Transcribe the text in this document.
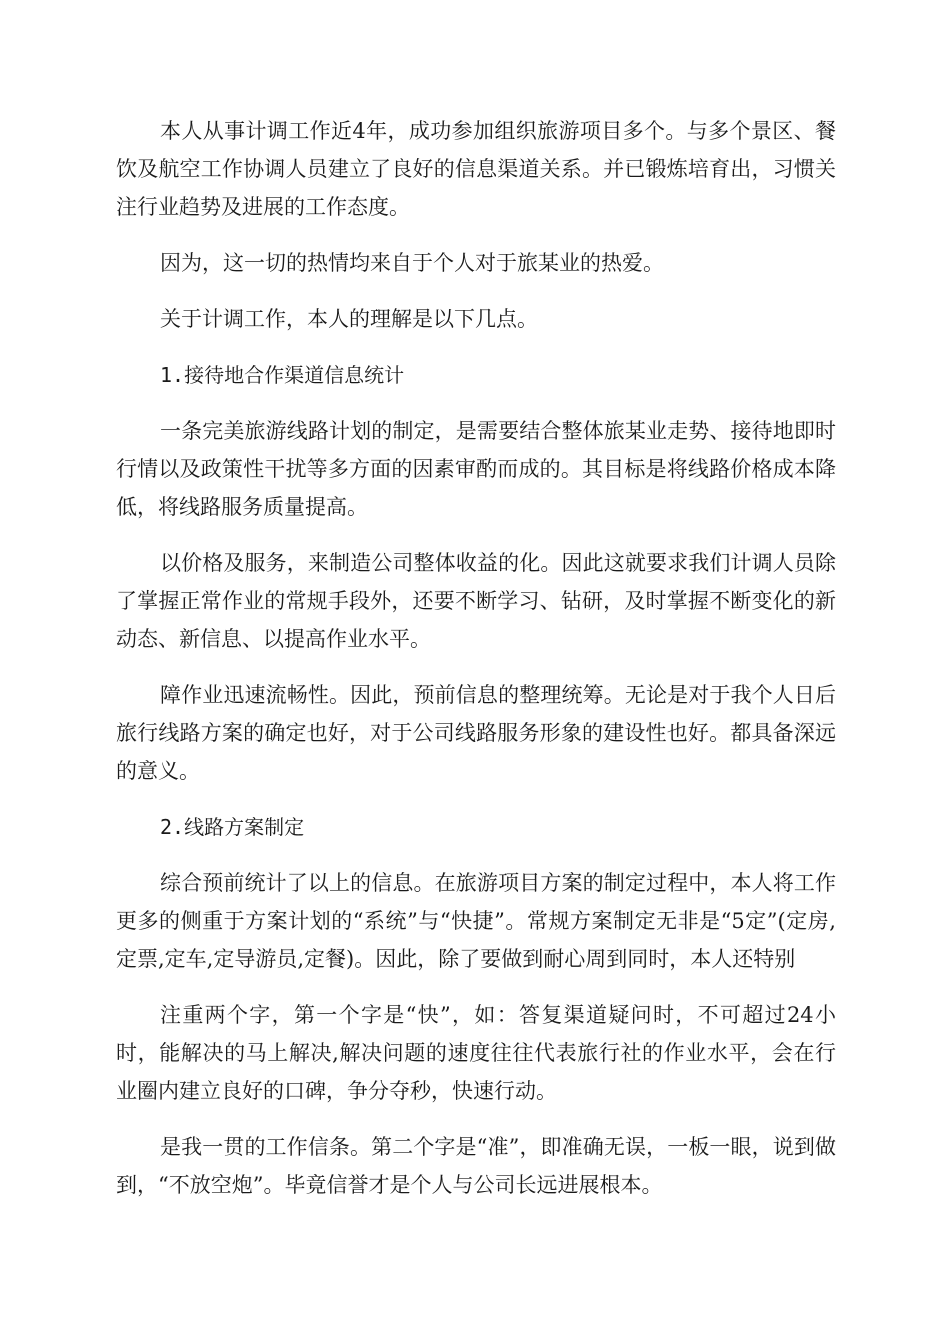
本人从事计调工作近4年，成功参加组织旅游项目多个。与多个景区、餐饮及航空工作协调人员建立了良好的信息渠道关系。并已锻炼培育出，习惯关注行业趋势及进展的工作态度。

因为，这一切的热情均来自于个人对于旅某业的热爱。

关于计调工作，本人的理解是以下几点。

1.接待地合作渠道信息统计

一条完美旅游线路计划的制定，是需要结合整体旅某业走势、接待地即时行情以及政策性干扰等多方面的因素审酌而成的。其目标是将线路价格成本降低，将线路服务质量提高。

以价格及服务，来制造公司整体收益的化。因此这就要求我们计调人员除了掌握正常作业的常规手段外，还要不断学习、钻研，及时掌握不断变化的新动态、新信息、以提高作业水平。

障作业迅速流畅性。因此，预前信息的整理统筹。无论是对于我个人日后旅行线路方案的确定也好，对于公司线路服务形象的建设性也好。都具备深远的意义。

2.线路方案制定

综合预前统计了以上的信息。在旅游项目方案的制定过程中，本人将工作更多的侧重于方案计划的“系统”与“快捷”。常规方案制定无非是“5定”(定房,定票,定车,定导游员,定餐)。因此，除了要做到耐心周到同时，本人还特别

注重两个字，第一个字是“快”，如：答复渠道疑问时，不可超过24小时，能解决的马上解决,解决问题的速度往往代表旅行社的作业水平，会在行业圈内建立良好的口碑，争分夺秒，快速行动。

是我一贯的工作信条。第二个字是“准”，即准确无误，一板一眼，说到做到，“不放空炮”。毕竟信誉才是个人与公司长远进展根本。
